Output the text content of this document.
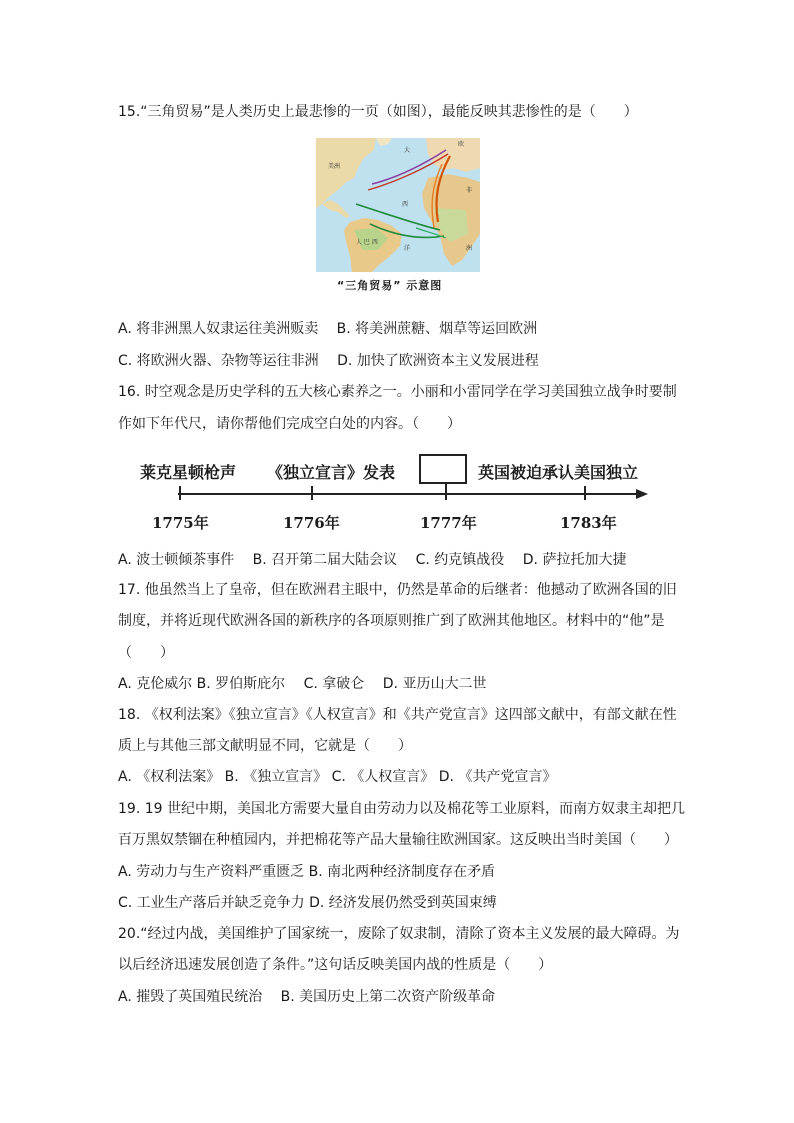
15.“三角贸易”是人类历史上最悲惨的一页（如图），最能反映其悲惨性的是（　　）
美洲
大
西
洋
非
洲
欧
人 巴 西
“三角贸易” 示意图
A. 将非洲黑人奴隶运往美洲贩卖　 B. 将美洲蔗糖、烟草等运回欧洲
C. 将欧洲火器、杂物等运往非洲　 D. 加快了欧洲资本主义发展进程
16. 时空观念是历史学科的五大核心素养之一。小丽和小雷同学在学习美国独立战争时要制
作如下年代尺，请你帮他们完成空白处的内容。（　　）
莱克星顿枪声 《独立宣言》发表	英国被迫承认美国独立
1775年	1776年	1777年	1783年
A. 波士顿倾茶事件　 B. 召开第二届大陆会议　 C. 约克镇战役　 D. 萨拉托加大捷
17. 他虽然当上了皇帝，但在欧洲君主眼中，仍然是革命的后继者：他撼动了欧洲各国的旧
制度，并将近现代欧洲各国的新秩序的各项原则推广到了欧洲其他地区。材料中的“他”是
（　　）
A. 克伦威尔 B. 罗伯斯庇尔　 C. 拿破仑　 D. 亚历山大二世
18. 《权利法案》《独立宣言》《人权宣言》和《共产党宣言》这四部文献中，有部文献在性
质上与其他三部文献明显不同，它就是（　　）
A. 《权利法案》 B. 《独立宣言》 C. 《人权宣言》 D. 《共产党宣言》
19. 19 世纪中期，美国北方需要大量自由劳动力以及棉花等工业原料，而南方奴隶主却把几
百万黑奴禁锢在种植园内，并把棉花等产品大量输往欧洲国家。这反映出当时美国（　　）
A. 劳动力与生产资料严重匮乏 B. 南北两种经济制度存在矛盾
C. 工业生产落后并缺乏竞争力 D. 经济发展仍然受到英国束缚
20.“经过内战，美国维护了国家统一，废除了奴隶制，清除了资本主义发展的最大障碍。为
以后经济迅速发展创造了条件。”这句话反映美国内战的性质是（　　）
A. 摧毁了英国殖民统治　 B. 美国历史上第二次资产阶级革命
